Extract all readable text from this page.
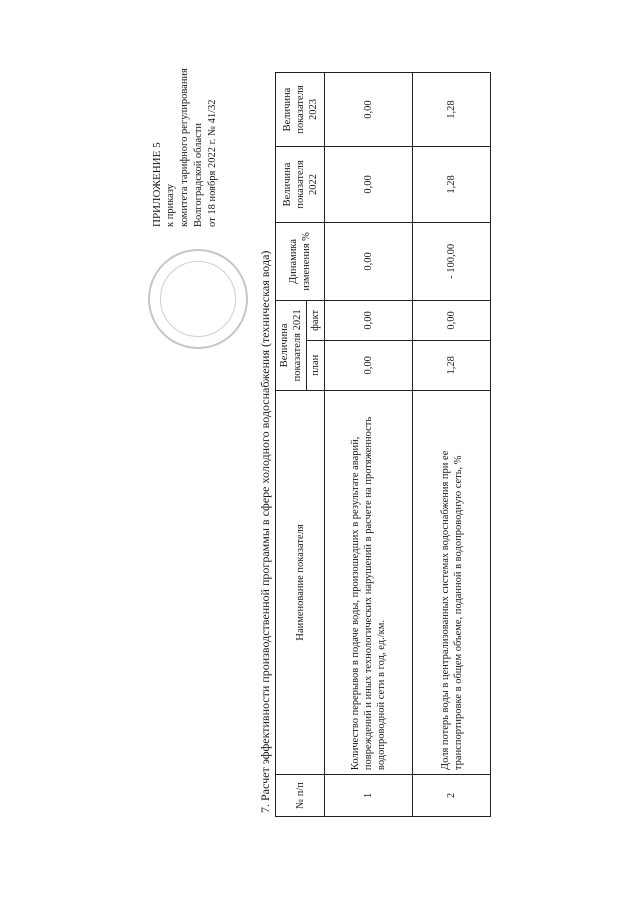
ПРИЛОЖЕНИЕ 5 к приказу комитета тарифного регулирования Волгоградской области от 18 ноября 2022 г. № 41/32
7. Расчет эффективности производственной программы в сфере холодного водоснабжения (техническая вода) № п/п	Наименование показателя	Величина показателя 2021		Динамика изменения %	Величина показателя 2022	Величина показателя 2023
		план	факт			
1	Количество перерывов в подаче воды, произошедших в результате аварий, повреждений и иных технологических нарушений в расчете на протяженность водопроводной сети в год, ед./км.	0,00	0,00	0,00	0,00	0,00
2	Доля потерь воды в централизованных системах водоснабжения при ее транспортировке в общем объеме, поданной в водопроводную сеть, %	1,28	0,00	- 100,00	1,28	1,28
